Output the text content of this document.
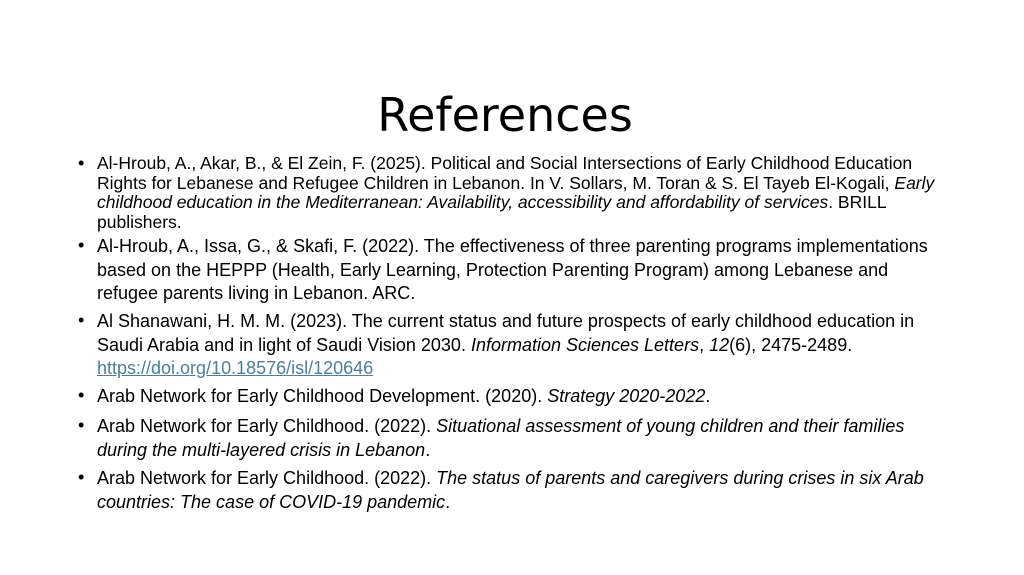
References
• Al-Hroub, A., Akar, B., & El Zein, F. (2025). Political and Social Intersections of Early Childhood Education Rights for Lebanese and Refugee Children in Lebanon. In V. Sollars, M. Toran & S. El Tayeb El-Kogali, Early childhood education in the Mediterranean: Availability, accessibility and affordability of services. BRILL publishers.
• Al-Hroub, A., Issa, G., & Skafi, F. (2022). The effectiveness of three parenting programs implementations based on the HEPPP (Health, Early Learning, Protection Parenting Program) among Lebanese and refugee parents living in Lebanon. ARC.
• Al Shanawani, H. M. M. (2023). The current status and future prospects of early childhood education in Saudi Arabia and in light of Saudi Vision 2030. Information Sciences Letters, 12(6), 2475-2489. https://doi.org/10.18576/isl/120646
• Arab Network for Early Childhood Development. (2020). Strategy 2020-2022.
• Arab Network for Early Childhood. (2022). Situational assessment of young children and their families during the multi-layered crisis in Lebanon.
• Arab Network for Early Childhood. (2022). The status of parents and caregivers during crises in six Arab countries: The case of COVID-19 pandemic.
